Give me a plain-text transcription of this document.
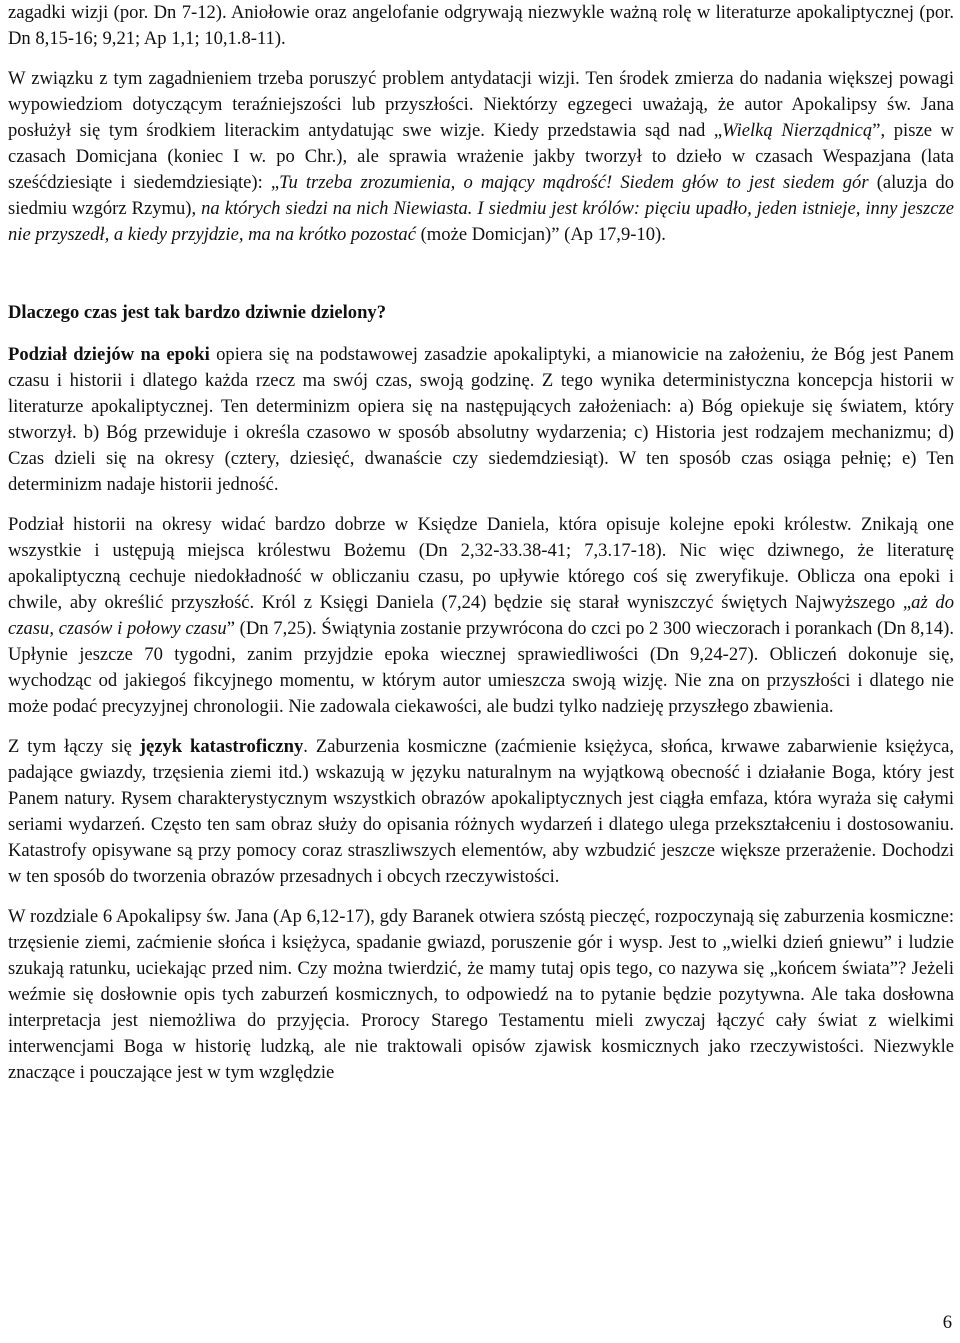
zagadki wizji (por. Dn 7-12). Aniołowie oraz angelofanie odgrywają niezwykle ważną rolę w literaturze apokaliptycznej (por. Dn 8,15-16; 9,21; Ap 1,1; 10,1.8-11).

W związku z tym zagadnieniem trzeba poruszyć problem antydatacji wizji. Ten środek zmierza do nadania większej powagi wypowiedziom dotyczącym teraźniejszości lub przyszłości. Niektórzy egzegeci uważają, że autor Apokalipsy św. Jana posłużył się tym środkiem literackim antydatując swe wizje. Kiedy przedstawia sąd nad „Wielką Nierządnicą”, pisze w czasach Domicjana (koniec I w. po Chr.), ale sprawia wrażenie jakby tworzył to dzieło w czasach Wespazjana (lata sześćdziesiąte i siedemdziesiąte): „Tu trzeba zrozumienia, o mający mądrość! Siedem głów to jest siedem gór (aluzja do siedmiu wzgórz Rzymu), na których siedzi na nich Niewiasta. I siedmiu jest królów: pięciu upadło, jeden istnieje, inny jeszcze nie przyszedł, a kiedy przyjdzie, ma na krótko pozostać (może Domicjan)” (Ap 17,9-10).

Dlaczego czas jest tak bardzo dziwnie dzielony?

Podział dziejów na epoki opiera się na podstawowej zasadzie apokaliptyki, a mianowicie na założeniu, że Bóg jest Panem czasu i historii i dlatego każda rzecz ma swój czas, swoją godzinę. Z tego wynika deterministyczna koncepcja historii w literaturze apokaliptycznej. Ten determinizm opiera się na następujących założeniach: a) Bóg opiekuje się światem, który stworzył. b) Bóg przewiduje i określa czasowo w sposób absolutny wydarzenia; c) Historia jest rodzajem mechanizmu; d) Czas dzieli się na okresy (cztery, dziesięć, dwanaście czy siedemdziesiąt). W ten sposób czas osiąga pełnię; e) Ten determinizm nadaje historii jedność.

Podział historii na okresy widać bardzo dobrze w Księdze Daniela, która opisuje kolejne epoki królestw. Znikają one wszystkie i ustępują miejsca królestwu Bożemu (Dn 2,32-33.38-41; 7,3.17-18). Nic więc dziwnego, że literaturę apokaliptyczną cechuje niedokładność w obliczaniu czasu, po upływie którego coś się zweryfikuje. Oblicza ona epoki i chwile, aby określić przyszłość. Król z Księgi Daniela (7,24) będzie się starał wyniszczyć świętych Najwyższego „aż do czasu, czasów i połowy czasu” (Dn 7,25). Świątynia zostanie przywrócona do czci po 2 300 wieczorach i porankach (Dn 8,14). Upłynie jeszcze 70 tygodni, zanim przyjdzie epoka wiecznej sprawiedliwości (Dn 9,24-27). Obliczeń dokonuje się, wychodząc od jakiegoś fikcyjnego momentu, w którym autor umieszcza swoją wizję. Nie zna on przyszłości i dlatego nie może podać precyzyjnej chronologii. Nie zadowala ciekawości, ale budzi tylko nadzieję przyszłego zbawienia.

Z tym łączy się język katastroficzny. Zaburzenia kosmiczne (zaćmienie księżyca, słońca, krwawe zabarwienie księżyca, padające gwiazdy, trzęsienia ziemi itd.) wskazują w języku naturalnym na wyjątkową obecność i działanie Boga, który jest Panem natury. Rysem charakterystycznym wszystkich obrazów apokaliptycznych jest ciągła emfaza, która wyraża się całymi seriami wydarzeń. Często ten sam obraz służy do opisania różnych wydarzeń i dlatego ulega przekształceniu i dostosowaniu. Katastrofy opisywane są przy pomocy coraz straszliwszych elementów, aby wzbudzić jeszcze większe przerażenie. Dochodzi w ten sposób do tworzenia obrazów przesadnych i obcych rzeczywistości.

W rozdziale 6 Apokalipsy św. Jana (Ap 6,12-17), gdy Baranek otwiera szóstą pieczęć, rozpoczynają się zaburzenia kosmiczne: trzęsienie ziemi, zaćmienie słońca i księżyca, spadanie gwiazd, poruszenie gór i wysp. Jest to „wielki dzień gniewu” i ludzie szukają ratunku, uciekając przed nim. Czy można twierdzić, że mamy tutaj opis tego, co nazywa się „końcem świata”? Jeżeli weźmie się dosłownie opis tych zaburzeń kosmicznych, to odpowiedź na to pytanie będzie pozytywna. Ale taka dosłowna interpretacja jest niemożliwa do przyjęcia. Prorocy Starego Testamentu mieli zwyczaj łączyć cały świat z wielkimi interwencjami Boga w historię ludzką, ale nie traktowali opisów zjawisk kosmicznych jako rzeczywistości. Niezwykle znaczące i pouczające jest w tym względzie

6
